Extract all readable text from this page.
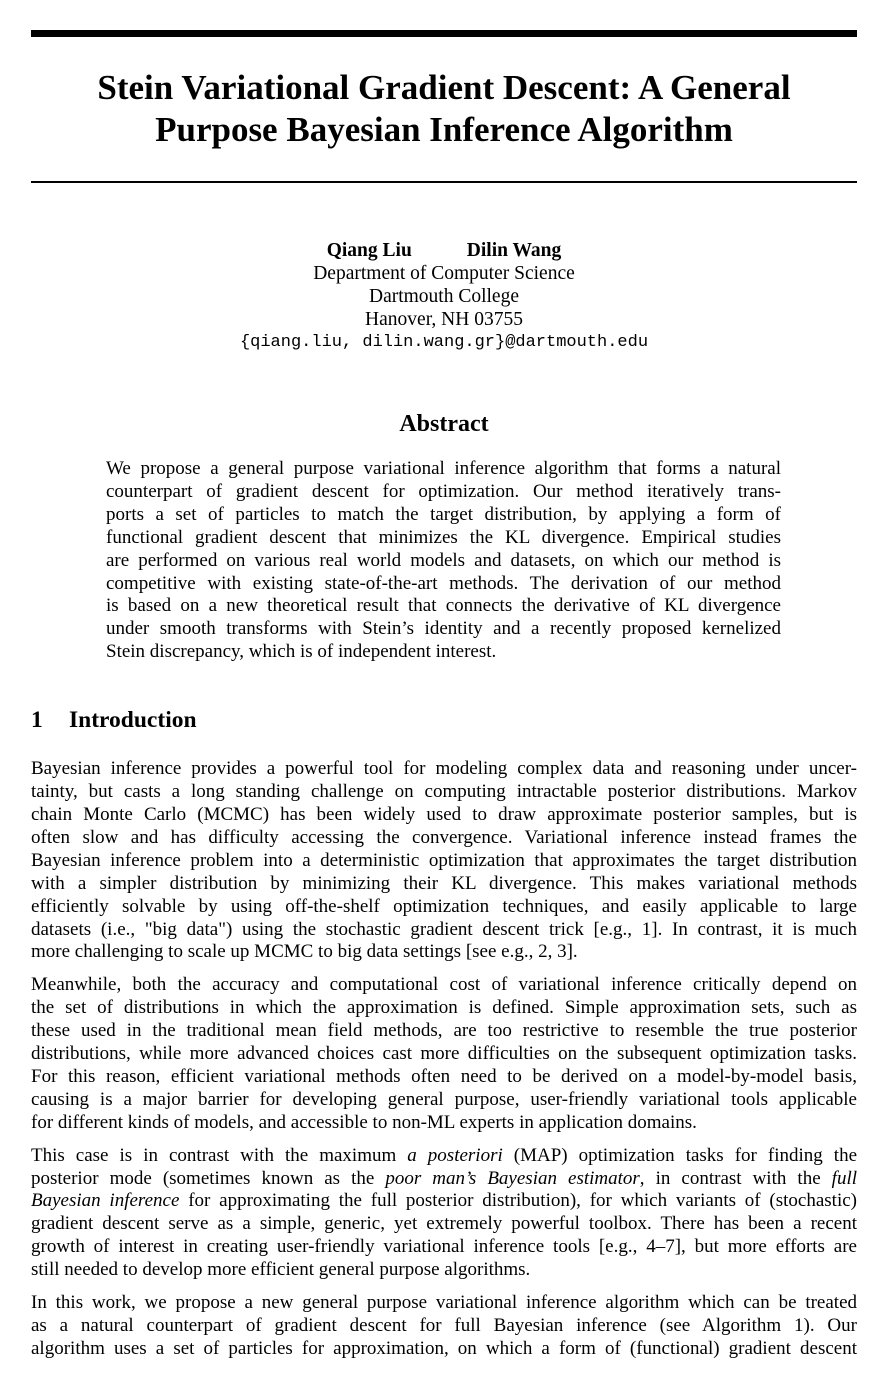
Stein Variational Gradient Descent: A General
Purpose Bayesian Inference Algorithm
Qiang Liu	Dilin Wang
Department of Computer Science
Dartmouth College
Hanover, NH 03755
{qiang.liu, dilin.wang.gr}@dartmouth.edu
Abstract
We propose a general purpose variational inference algorithm that forms a natural
counterpart of gradient descent for optimization. Our method iteratively trans-
ports a set of particles to match the target distribution, by applying a form of
functional gradient descent that minimizes the KL divergence. Empirical studies
are performed on various real world models and datasets, on which our method is
competitive with existing state-of-the-art methods. The derivation of our method
is based on a new theoretical result that connects the derivative of KL divergence
under smooth transforms with Stein’s identity and a recently proposed kernelized
Stein discrepancy, which is of independent interest.
1 Introduction

Bayesian inference provides a powerful tool for modeling complex data and reasoning under uncer-
tainty, but casts a long standing challenge on computing intractable posterior distributions. Markov
chain Monte Carlo (MCMC) has been widely used to draw approximate posterior samples, but is
often slow and has difficulty accessing the convergence. Variational inference instead frames the
Bayesian inference problem into a deterministic optimization that approximates the target distribution
with a simpler distribution by minimizing their KL divergence. This makes variational methods
efficiently solvable by using off-the-shelf optimization techniques, and easily applicable to large
datasets (i.e., "big data") using the stochastic gradient descent trick [e.g., 1]. In contrast, it is much
more challenging to scale up MCMC to big data settings [see e.g., 2, 3].

Meanwhile, both the accuracy and computational cost of variational inference critically depend on
the set of distributions in which the approximation is defined. Simple approximation sets, such as
these used in the traditional mean field methods, are too restrictive to resemble the true posterior
distributions, while more advanced choices cast more difficulties on the subsequent optimization tasks.
For this reason, efficient variational methods often need to be derived on a model-by-model basis,
causing is a major barrier for developing general purpose, user-friendly variational tools applicable
for different kinds of models, and accessible to non-ML experts in application domains.

This case is in contrast with the maximum a posteriori (MAP) optimization tasks for finding the
posterior mode (sometimes known as the poor man’s Bayesian estimator, in contrast with the full
Bayesian inference for approximating the full posterior distribution), for which variants of (stochastic)
gradient descent serve as a simple, generic, yet extremely powerful toolbox. There has been a recent
growth of interest in creating user-friendly variational inference tools [e.g., 4–7], but more efforts are
still needed to develop more efficient general purpose algorithms.

In this work, we propose a new general purpose variational inference algorithm which can be treated
as a natural counterpart of gradient descent for full Bayesian inference (see Algorithm 1). Our
algorithm uses a set of particles for approximation, on which a form of (functional) gradient descent
